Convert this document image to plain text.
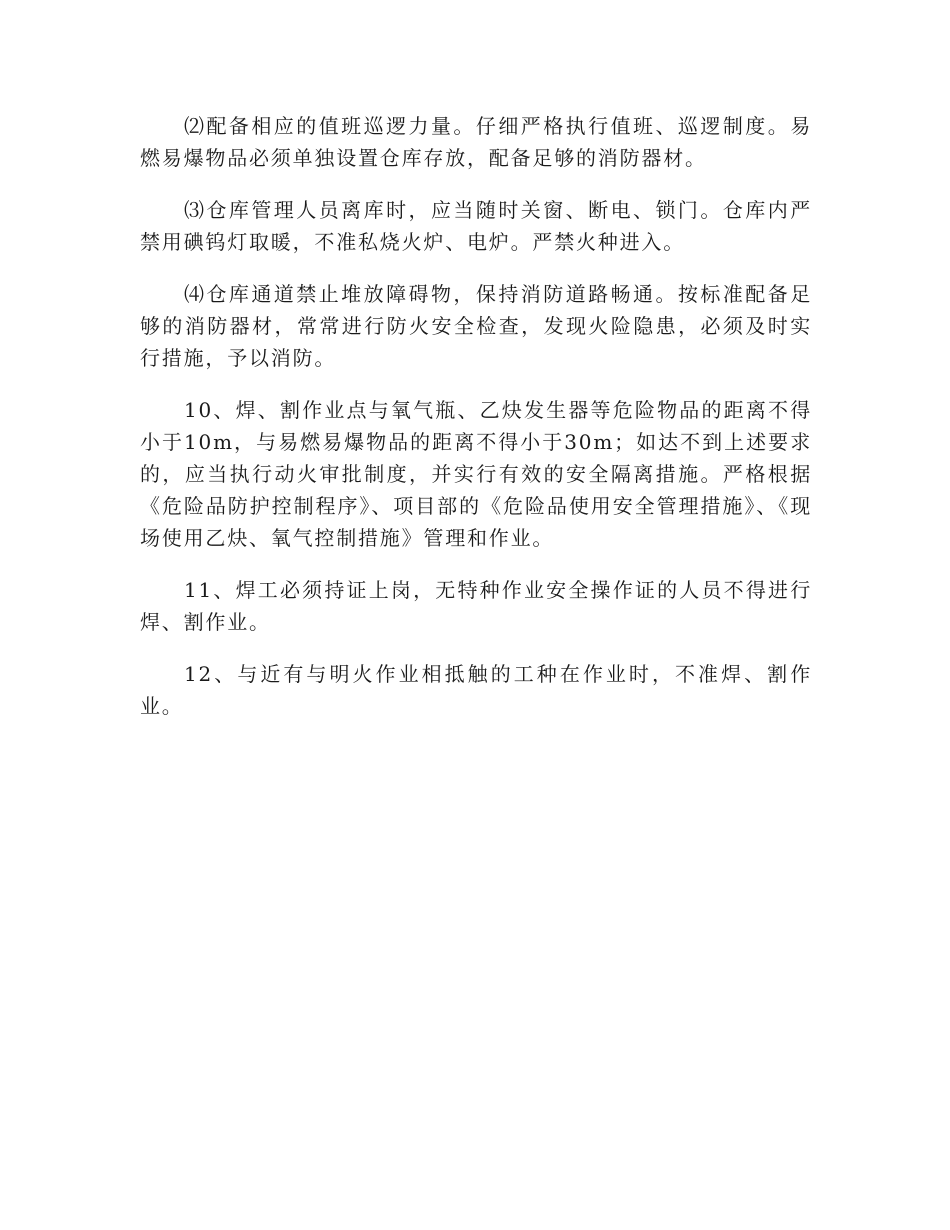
⑵配备相应的值班巡逻力量。仔细严格执行值班、巡逻制度。易燃易爆物品必须单独设置仓库存放，配备足够的消防器材。

⑶仓库管理人员离库时，应当随时关窗、断电、锁门。仓库内严禁用碘钨灯取暖，不准私烧火炉、电炉。严禁火种进入。

⑷仓库通道禁止堆放障碍物，保持消防道路畅通。按标准配备足够的消防器材，常常进行防火安全检查，发现火险隐患，必须及时实行措施，予以消防。

10、焊、割作业点与氧气瓶、乙炔发生器等危险物品的距离不得小于10m，与易燃易爆物品的距离不得小于30m；如达不到上述要求的，应当执行动火审批制度，并实行有效的安全隔离措施。严格根据《危险品防护控制程序》、项目部的《危险品使用安全管理措施》、《现场使用乙炔、氧气控制措施》管理和作业。

11、焊工必须持证上岗，无特种作业安全操作证的人员不得进行焊、割作业。

12、与近有与明火作业相抵触的工种在作业时，不准焊、割作业。
